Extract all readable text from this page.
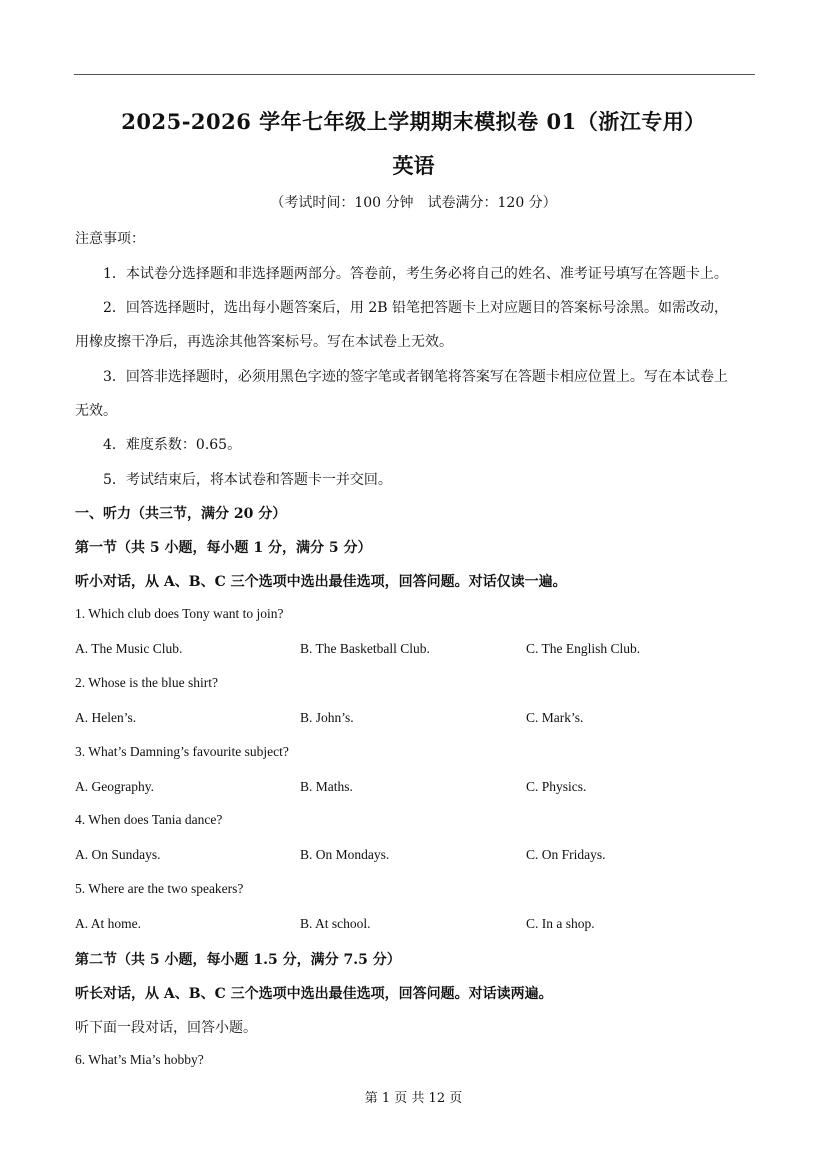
2025-2026 学年七年级上学期期末模拟卷 01（浙江专用）
英语
（考试时间：100 分钟　试卷满分：120 分）
注意事项：
1．本试卷分选择题和非选择题两部分。答卷前，考生务必将自己的姓名、准考证号填写在答题卡上。
2．回答选择题时，选出每小题答案后，用 2B 铅笔把答题卡上对应题目的答案标号涂黑。如需改动，
用橡皮擦干净后，再选涂其他答案标号。写在本试卷上无效。
3．回答非选择题时，必须用黑色字迹的签字笔或者钢笔将答案写在答题卡相应位置上。写在本试卷上
无效。
4．难度系数：0.65。
5．考试结束后，将本试卷和答题卡一并交回。
一、听力（共三节，满分 20 分）
第一节（共 5 小题，每小题 1 分，满分 5 分）
听小对话，从 A、B、C 三个选项中选出最佳选项，回答问题。对话仅读一遍。
1. Which club does Tony want to join?
A. The Music Club.	B. The Basketball Club.	C. The English Club.
2. Whose is the blue shirt?
A. Helen’s.	B. John’s.	C. Mark’s.
3. What’s Damning’s favourite subject?
A. Geography.	B. Maths.	C. Physics.
4. When does Tania dance?
A. On Sundays.	B. On Mondays.	C. On Fridays.
5. Where are the two speakers?
A. At home.	B. At school.	C. In a shop.
第二节（共 5 小题，每小题 1.5 分，满分 7.5 分）
听长对话，从 A、B、C 三个选项中选出最佳选项，回答问题。对话读两遍。
听下面一段对话，回答小题。
6. What’s Mia’s hobby?
第 1 页 共 12 页
